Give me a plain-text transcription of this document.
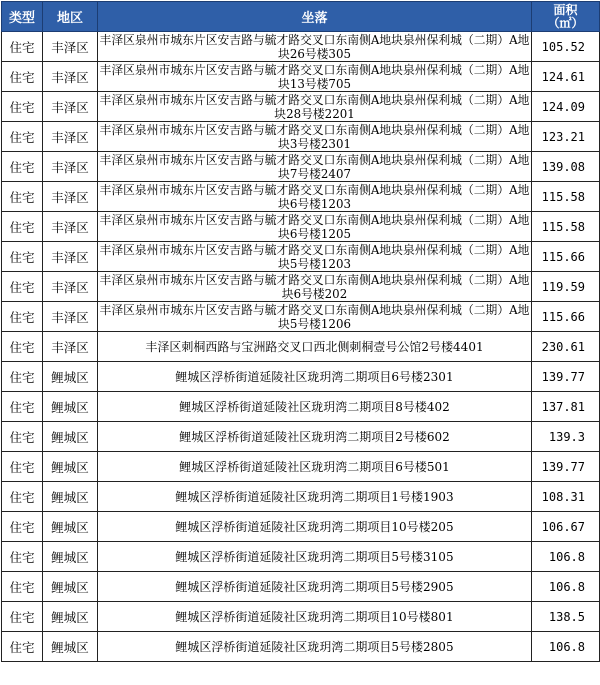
类型	地区	坐落	面积
（㎡）
住宅	丰泽区	丰泽区泉州市城东片区安吉路与毓才路交叉口东南侧A地块泉州保利城（二期）A地块26号楼305	105.52
住宅	丰泽区	丰泽区泉州市城东片区安吉路与毓才路交叉口东南侧A地块泉州保利城（二期）A地块13号楼705	124.61
住宅	丰泽区	丰泽区泉州市城东片区安吉路与毓才路交叉口东南侧A地块泉州保利城（二期）A地块28号楼2201	124.09
住宅	丰泽区	丰泽区泉州市城东片区安吉路与毓才路交叉口东南侧A地块泉州保利城（二期）A地块3号楼2301	123.21
住宅	丰泽区	丰泽区泉州市城东片区安吉路与毓才路交叉口东南侧A地块泉州保利城（二期）A地块7号楼2407	139.08
住宅	丰泽区	丰泽区泉州市城东片区安吉路与毓才路交叉口东南侧A地块泉州保利城（二期）A地块6号楼1203	115.58
住宅	丰泽区	丰泽区泉州市城东片区安吉路与毓才路交叉口东南侧A地块泉州保利城（二期）A地块6号楼1205	115.58
住宅	丰泽区	丰泽区泉州市城东片区安吉路与毓才路交叉口东南侧A地块泉州保利城（二期）A地块5号楼1203	115.66
住宅	丰泽区	丰泽区泉州市城东片区安吉路与毓才路交叉口东南侧A地块泉州保利城（二期）A地块6号楼202	119.59
住宅	丰泽区	丰泽区泉州市城东片区安吉路与毓才路交叉口东南侧A地块泉州保利城（二期）A地块5号楼1206	115.66
住宅	丰泽区	丰泽区刺桐西路与宝洲路交叉口西北侧刺桐壹号公馆2号楼4401	230.61
住宅	鲤城区	鲤城区浮桥街道延陵社区珑玥湾二期项目6号楼2301	139.77
住宅	鲤城区	鲤城区浮桥街道延陵社区珑玥湾二期项目8号楼402	137.81
住宅	鲤城区	鲤城区浮桥街道延陵社区珑玥湾二期项目2号楼602	139.3
住宅	鲤城区	鲤城区浮桥街道延陵社区珑玥湾二期项目6号楼501	139.77
住宅	鲤城区	鲤城区浮桥街道延陵社区珑玥湾二期项目1号楼1903	108.31
住宅	鲤城区	鲤城区浮桥街道延陵社区珑玥湾二期项目10号楼205	106.67
住宅	鲤城区	鲤城区浮桥街道延陵社区珑玥湾二期项目5号楼3105	106.8
住宅	鲤城区	鲤城区浮桥街道延陵社区珑玥湾二期项目5号楼2905	106.8
住宅	鲤城区	鲤城区浮桥街道延陵社区珑玥湾二期项目10号楼801	138.5
住宅	鲤城区	鲤城区浮桥街道延陵社区珑玥湾二期项目5号楼2805	106.8
